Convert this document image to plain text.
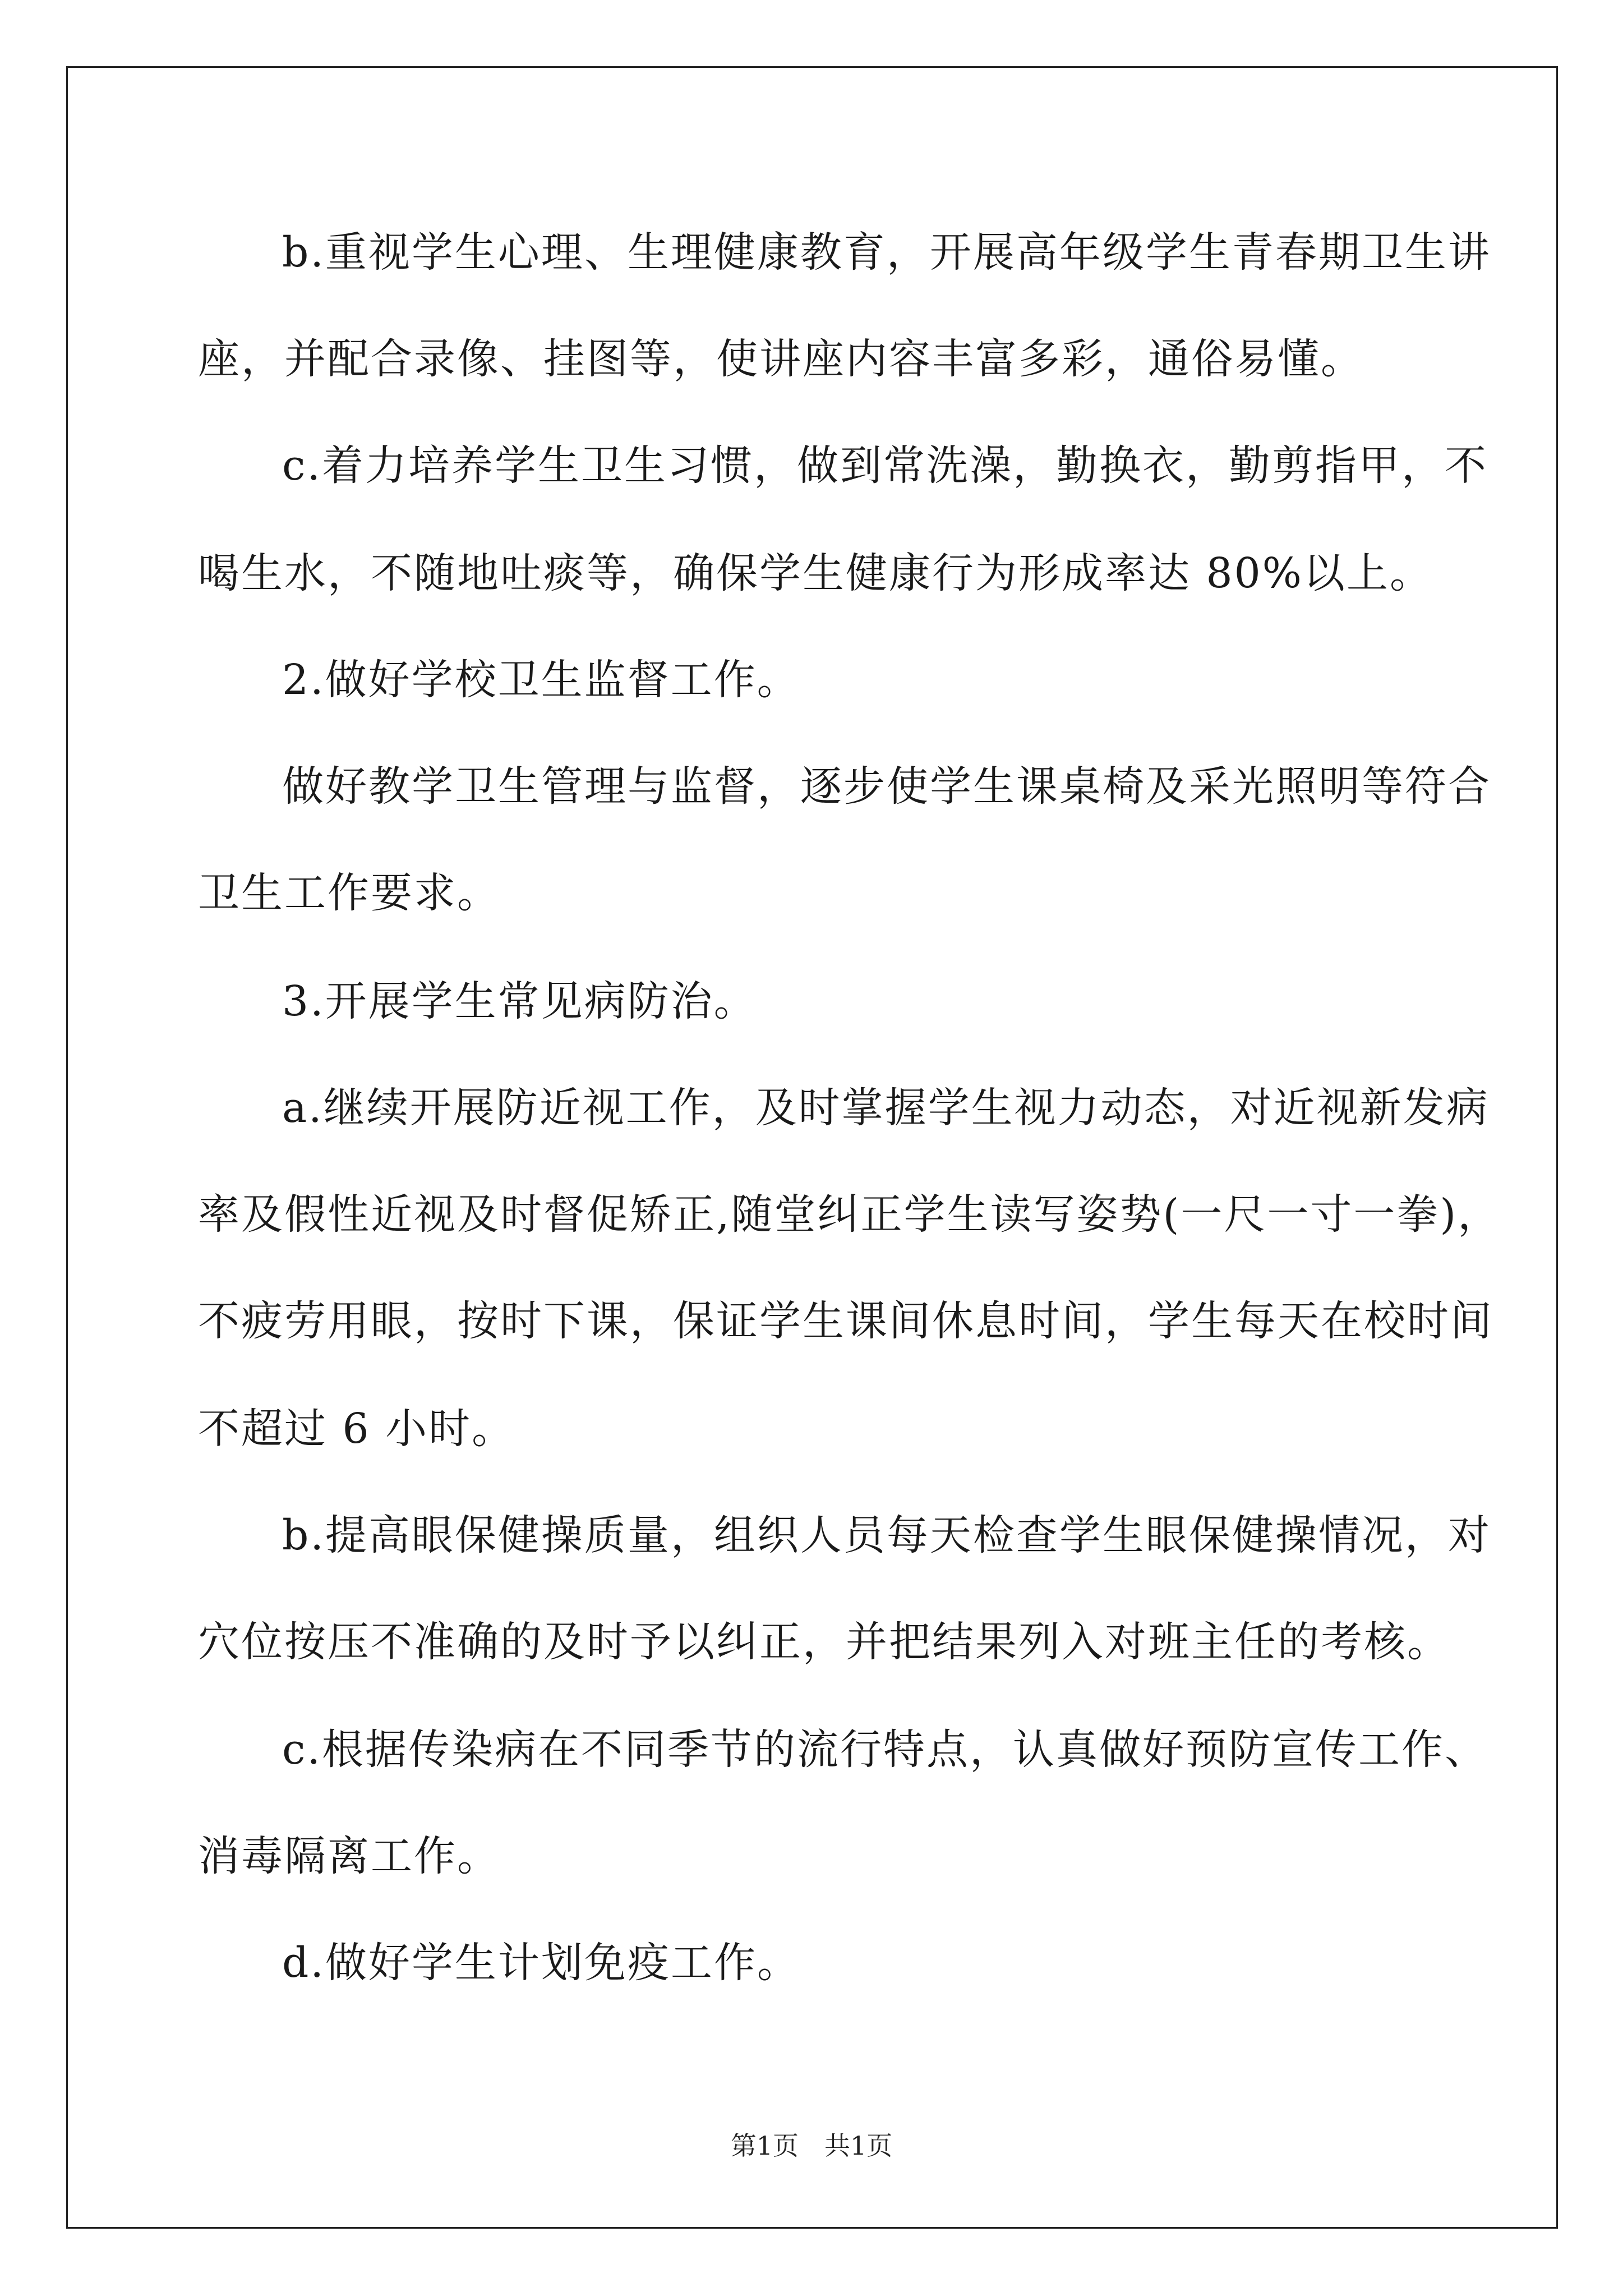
b.重视学生心理、生理健康教育，开展高年级学生青春期卫生讲
座，并配合录像、挂图等，使讲座内容丰富多彩，通俗易懂。
c.着力培养学生卫生习惯，做到常洗澡，勤换衣，勤剪指甲，不
喝生水，不随地吐痰等，确保学生健康行为形成率达 80%以上。
2.做好学校卫生监督工作。
做好教学卫生管理与监督，逐步使学生课桌椅及采光照明等符合
卫生工作要求。
3.开展学生常见病防治。
a.继续开展防近视工作，及时掌握学生视力动态，对近视新发病
率及假性近视及时督促矫正,随堂纠正学生读写姿势(一尺一寸一拳)，
不疲劳用眼，按时下课，保证学生课间休息时间，学生每天在校时间
不超过 6 小时。
b.提高眼保健操质量，组织人员每天检查学生眼保健操情况，对
穴位按压不准确的及时予以纠正，并把结果列入对班主任的考核。
c.根据传染病在不同季节的流行特点，认真做好预防宣传工作、
消毒隔离工作。
d.做好学生计划免疫工作。
第1页　共1页
